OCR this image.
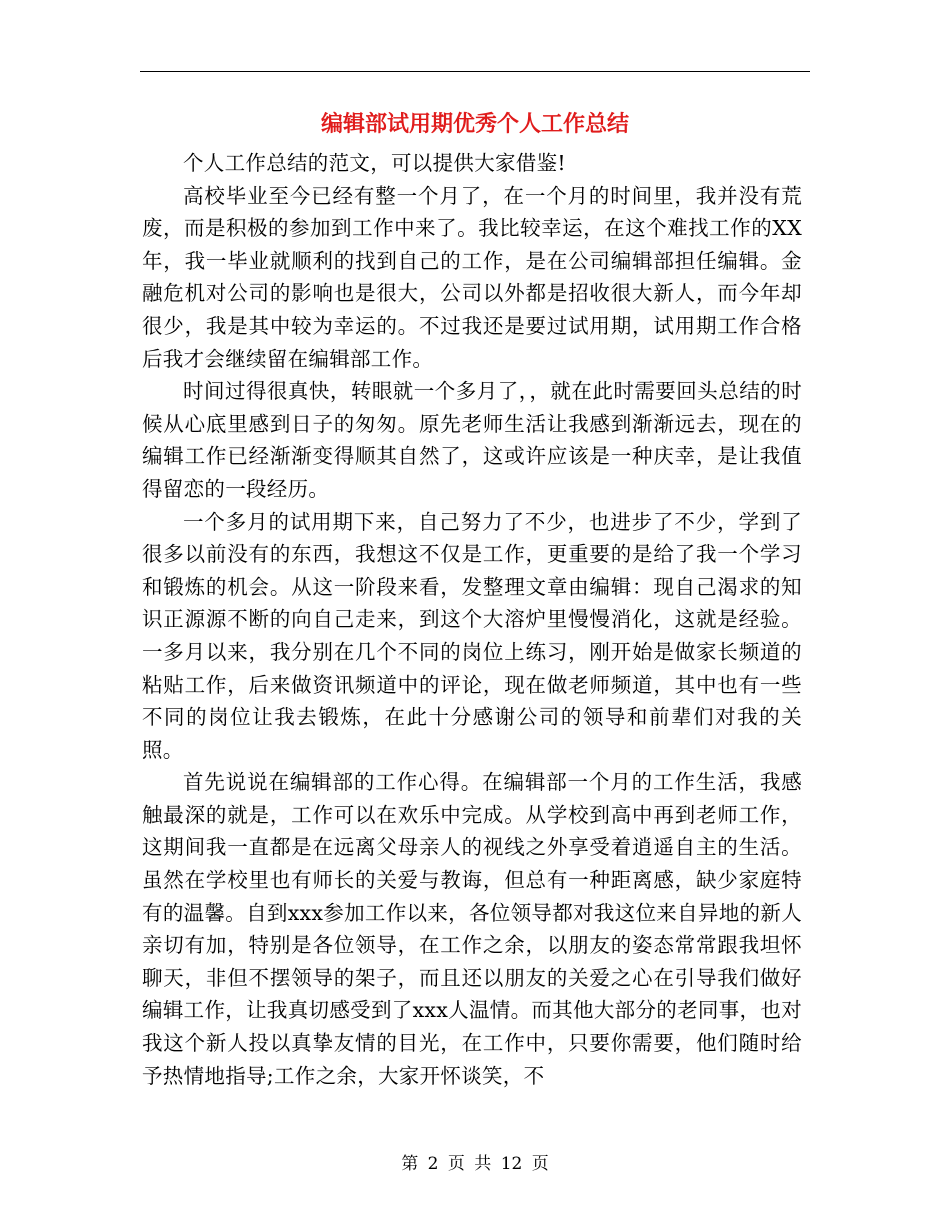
编辑部试用期优秀个人工作总结

个人工作总结的范文，可以提供大家借鉴!

高校毕业至今已经有整一个月了，在一个月的时间里，我并没有荒废，而是积极的参加到工作中来了。我比较幸运，在这个难找工作的XX年，我一毕业就顺利的找到自己的工作，是在公司编辑部担任编辑。金融危机对公司的影响也是很大，公司以外都是招收很大新人，而今年却很少，我是其中较为幸运的。不过我还是要过试用期，试用期工作合格后我才会继续留在编辑部工作。

时间过得很真快，转眼就一个多月了，，就在此时需要回头总结的时候从心底里感到日子的匆匆。原先老师生活让我感到渐渐远去，现在的编辑工作已经渐渐变得顺其自然了，这或许应该是一种庆幸，是让我值得留恋的一段经历。

一个多月的试用期下来，自己努力了不少，也进步了不少，学到了很多以前没有的东西，我想这不仅是工作，更重要的是给了我一个学习和锻炼的机会。从这一阶段来看，发整理文章由编辑：现自己渴求的知识正源源不断的向自己走来，到这个大溶炉里慢慢消化，这就是经验。一多月以来，我分别在几个不同的岗位上练习，刚开始是做家长频道的粘贴工作，后来做资讯频道中的评论，现在做老师频道，其中也有一些不同的岗位让我去锻炼，在此十分感谢公司的领导和前辈们对我的关照。

首先说说在编辑部的工作心得。在编辑部一个月的工作生活，我感触最深的就是，工作可以在欢乐中完成。从学校到高中再到老师工作，这期间我一直都是在远离父母亲人的视线之外享受着逍遥自主的生活。虽然在学校里也有师长的关爱与教诲，但总有一种距离感，缺少家庭特有的温馨。自到xxx参加工作以来，各位领导都对我这位来自异地的新人亲切有加，特别是各位领导，在工作之余，以朋友的姿态常常跟我坦怀聊天，非但不摆领导的架子，而且还以朋友的关爱之心在引导我们做好编辑工作，让我真切感受到了xxx人温情。而其他大部分的老同事，也对我这个新人投以真挚友情的目光，在工作中，只要你需要，他们随时给予热情地指导;工作之余，大家开怀谈笑，不

第 2 页 共 12 页
